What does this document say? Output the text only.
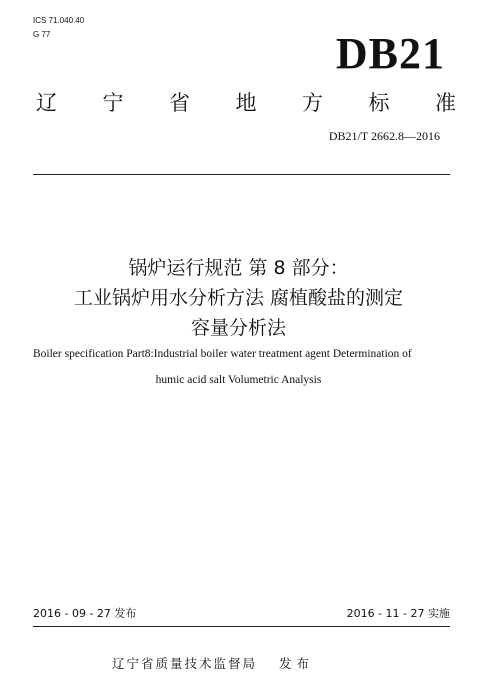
ICS 71.040.40
G 77	DB21
辽 宁 省 地 方 标 准
DB21/T 2662.8—2016
锅炉运行规范 第 8 部分：
工业锅炉用水分析方法 腐植酸盐的测定
容量分析法
Boiler specification Part8:Industrial boiler water treatment agent Determination of
humic acid salt Volumetric Analysis
2016 - 09 - 27 发布	2016 - 11 - 27 实施
辽宁省质量技术监督局 发布
